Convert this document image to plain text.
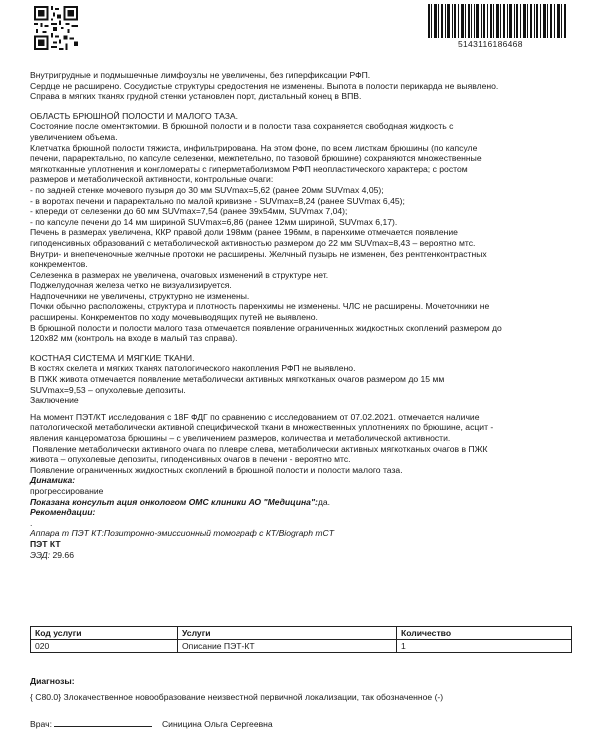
5143116186468

Внутригрудные и подмышечные лимфоузлы не увеличены, без гиперфиксации РФП.

Сердце не расширено. Сосудистые структуры средостения не изменены. Выпота в полости перикарда не выявлено.

Справа в мягких тканях грудной стенки установлен порт, дистальный конец в ВПВ.

ОБЛАСТЬ БРЮШНОЙ ПОЛОСТИ И МАЛОГО ТАЗА.

Состояние после оментэктомии. В брюшной полости и в полости таза сохраняется свободная жидкость с

увеличением объема.

Клетчатка брюшной полости тяжиста, инфильтрирована. На этом фоне, по всем листкам брюшины (по капсуле

печени, параректально, по капсуле селезенки, межпетельно, по тазовой брюшине) сохраняются множественные

мягкотканные уплотнения и конгломераты с гиперметаболизмом РФП неопластического характера; с ростом

размеров и метаболической активности, контрольные очаги:

- по задней стенке мочевого пузыря до 30 мм SUVmax=5,62 (ранее 20мм SUVmax 4,05);

- в воротах печени и параректально по малой кривизне - SUVmax=8,24 (ранее SUVmax 6,45);

- кпереди от селезенки до 60 мм SUVmax=7,54 (ранее 39х54мм, SUVmax 7,04);

- по капсуле печени до 14 мм шириной SUVmax=6,86 (ранее 12мм шириной, SUVmax 6,17).

Печень в размерах увеличена, ККР правой доли 198мм (ранее 196мм, в паренхиме отмечается появление

гиподенсивных образований с метаболической активностью размером до 22 мм SUVmax=8,43 – вероятно мтс.

Внутри- и внепеченочные желчные протоки не расширены. Желчный пузырь не изменен, без рентгенконтрастных

конкрементов.

Селезенка в размерах не увеличена, очаговых изменений в структуре нет.

Поджелудочная железа четко не визуализируется.

Надпочечники не увеличены, структурно не изменены.

Почки обычно расположены, структура и плотность паренхимы не изменены. ЧЛС не расширены. Мочеточники не

расширены. Конкрементов по ходу мочевыводящих путей не выявлено.

В брюшной полости и полости малого таза отмечается появление ограниченных жидкостных скоплений размером до

120х82 мм (контроль на входе в малый таз справа).

КОСТНАЯ СИСТЕМА И МЯГКИЕ ТКАНИ.

В костях скелета и мягких тканях патологического накопления РФП не выявлено.

В ПЖК живота отмечается появление метаболически активных мягкотканых очагов размером до 15 мм

SUVmax=9,53 – опухолевые депозиты.

Заключение

На момент ПЭТ/КТ исследования с 18F ФДГ по сравнению с исследованием от 07.02.2021. отмечается наличие

патологической метаболически активной специфической ткани в множественных уплотнениях по брюшине, асцит -

явления канцероматоза брюшины – с увеличением размеров, количества и метаболической активности.

Появление метаболически активного очага по плевре слева, метаболически активных мягкотканых очагов в ПЖК

живота – опухолевые депозиты, гиподенсивных очагов в печени - вероятно мтс.

Появление ограниченных жидкостных скоплений в брюшной полости и полости малого таза.

Динамика:

прогрессирование

Показана консульт ация онкологом ОМС клиники АО "Медицина":да.

Рекомендации:

.

Аппара т ПЭТ КТ:Позитронно-эмиссионный томограф с КТ/Biograph mCT

ПЭТ КТ

ЭЭД: 29.66

Код услуги	Услуги	Количество
020	Описание ПЭТ-КТ	1

Диагнозы:

{ С80.0} Злокачественное новообразование неизвестной первичной локализации, так обозначенное (-)

Врач:	Синицина Ольга Сергеевна
